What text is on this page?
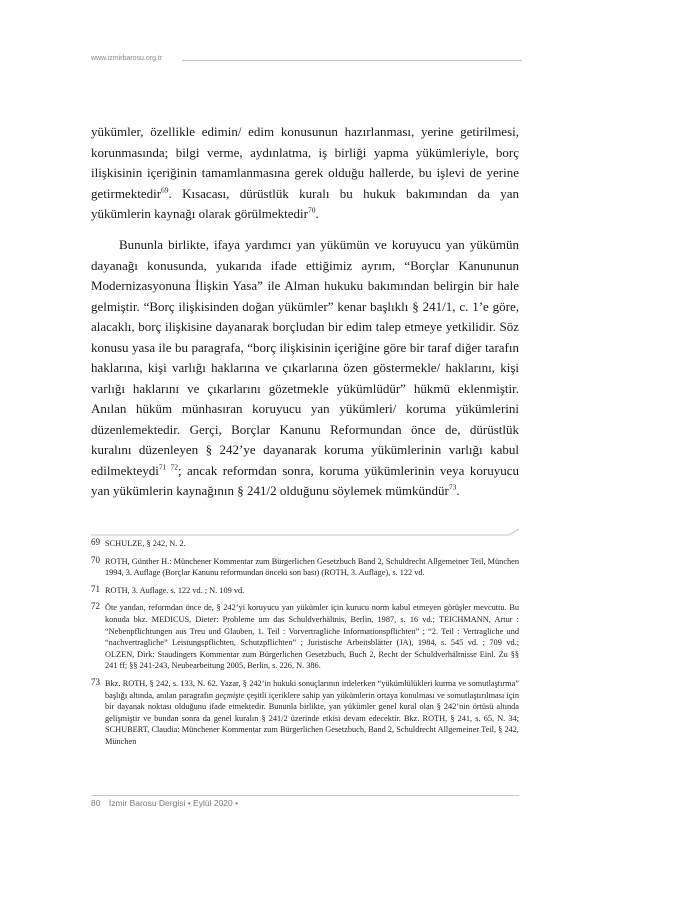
www.izmirbarosu.org.tr
yükümler, özellikle edimin/ edim konusunun hazırlanması, yerine getirilmesi, korunmasında; bilgi verme, aydınlatma, iş birliği yapma yükümleriyle, borç ilişkisinin içeriğinin tamamlanmasına gerek olduğu hallerde, bu işlevi de yerine getirmektedir$^{69}$. Kısacası, dürüstlük kuralı bu hukuk bakımından da yan yükümlerin kaynağı olarak görülmektedir$^{70}$.
Bununla birlikte, ifaya yardımcı yan yükümün ve koruyucu yan yükümün dayanağı konusunda, yukarıda ifade ettiğimiz ayrım, “Borçlar Kanununun Modernizasyonuna İlişkin Yasa” ile Alman hukuku bakımından belirgin bir hale gelmiştir. “Borç ilişkisinden doğan yükümler” kenar başlıklı § 241/1, c. 1’e göre, alacaklı, borç ilişkisine dayanarak borçludan bir edim talep etmeye yetkilidir. Söz konusu yasa ile bu paragrafa, “borç ilişkisinin içeriğine göre bir taraf diğer tarafın haklarına, kişi varlığı haklarına ve çıkarlarına özen göstermekle/ haklarını, kişi varlığı haklarını ve çıkarlarını gözetmekle yükümlüdür” hükmü eklenmiştir. Anılan hüküm münhasıran koruyucu yan yükümleri/ koruma yükümlerini düzenlemektedir. Gerçi, Borçlar Kanunu Reformundan önce de, dürüstlük kuralını düzenleyen § 242’ye dayanarak koruma yükümlerinin varlığı kabul edilmekteydi$^{71 72}$; ancak reformdan sonra, koruma yükümlerinin veya koruyucu yan yükümlerin kaynağının § 241/2 olduğunu söylemek mümkündür$^{73}$.
69 SCHULZE, § 242, N. 2.
70 ROTH, Günther H.: Münchener Kommentar zum Bürgerlichen Gesetzbuch Band 2, Schuldrecht Allgemeiner Teil, München 1994, 3. Auflage (Borçlar Kanunu reformundan önceki son bası) (ROTH, 3. Auflage), s. 122 vd.
71 ROTH, 3. Auflage. s. 122 vd. ; N. 109 vd.
72 Öte yandan, reformdan önce de, § 242’yi koruyucu yan yükümler için kurucu norm kabul etmeyen görüşler mevcuttu. Bu konuda bkz. MEDICUS, Dieter: Probleme um das Schuldverhältnis, Berlin, 1987, s. 16 vd.; TEICHMANN, Artur : “Nebenpflichtungen aus Treu und Glauben, 1. Teil : Vorvertragliche Informationspflichten” ; “2. Teil : Vertragliche und “nachvertragliche” Leistungspflichten, Schutzpflichten” ; Juristische Arbeitsblätter (JA), 1984, s. 545 vd. ; 709 vd.; OLZEN, Dirk: Staudingers Kommentar zum Bürgerlichen Gesetzbuch, Buch 2, Recht der Schuldverhältnisse Einl. Zu §§ 241 ff; §§ 241-243, Neubearbeitung 2005, Berlin, s. 226, N. 386.
73 Bkz. ROTH, § 242, s. 133, N. 62. Yazar, § 242’in hukuki sonuçlarının irdelerken “yükümlülükleri kurma ve somutlaştırma” başlığı altında, anılan paragrafın geçmişte çeşitli içeriklere sahip yan yükümlerin ortaya konulması ve somutlaştırılması için bir dayanak noktası olduğunu ifade etmektedir. Bununla birlikte, yan yükümler genel kural olan § 242’nin örtüsü altında gelişmiştir ve bundan sonra da genel kuralın § 241/2 üzerinde etkisi devam edecektir. Bkz. ROTH, § 241, s. 65, N. 34; SCHUBERT, Claudia: Münchener Kommentar zum Bürgerlichen Gesetzbuch, Band 2, Schuldrecht Allgemeiner Teil, § 242, München
80 İzmir Barosu Dergisi • Eylül 2020 •
